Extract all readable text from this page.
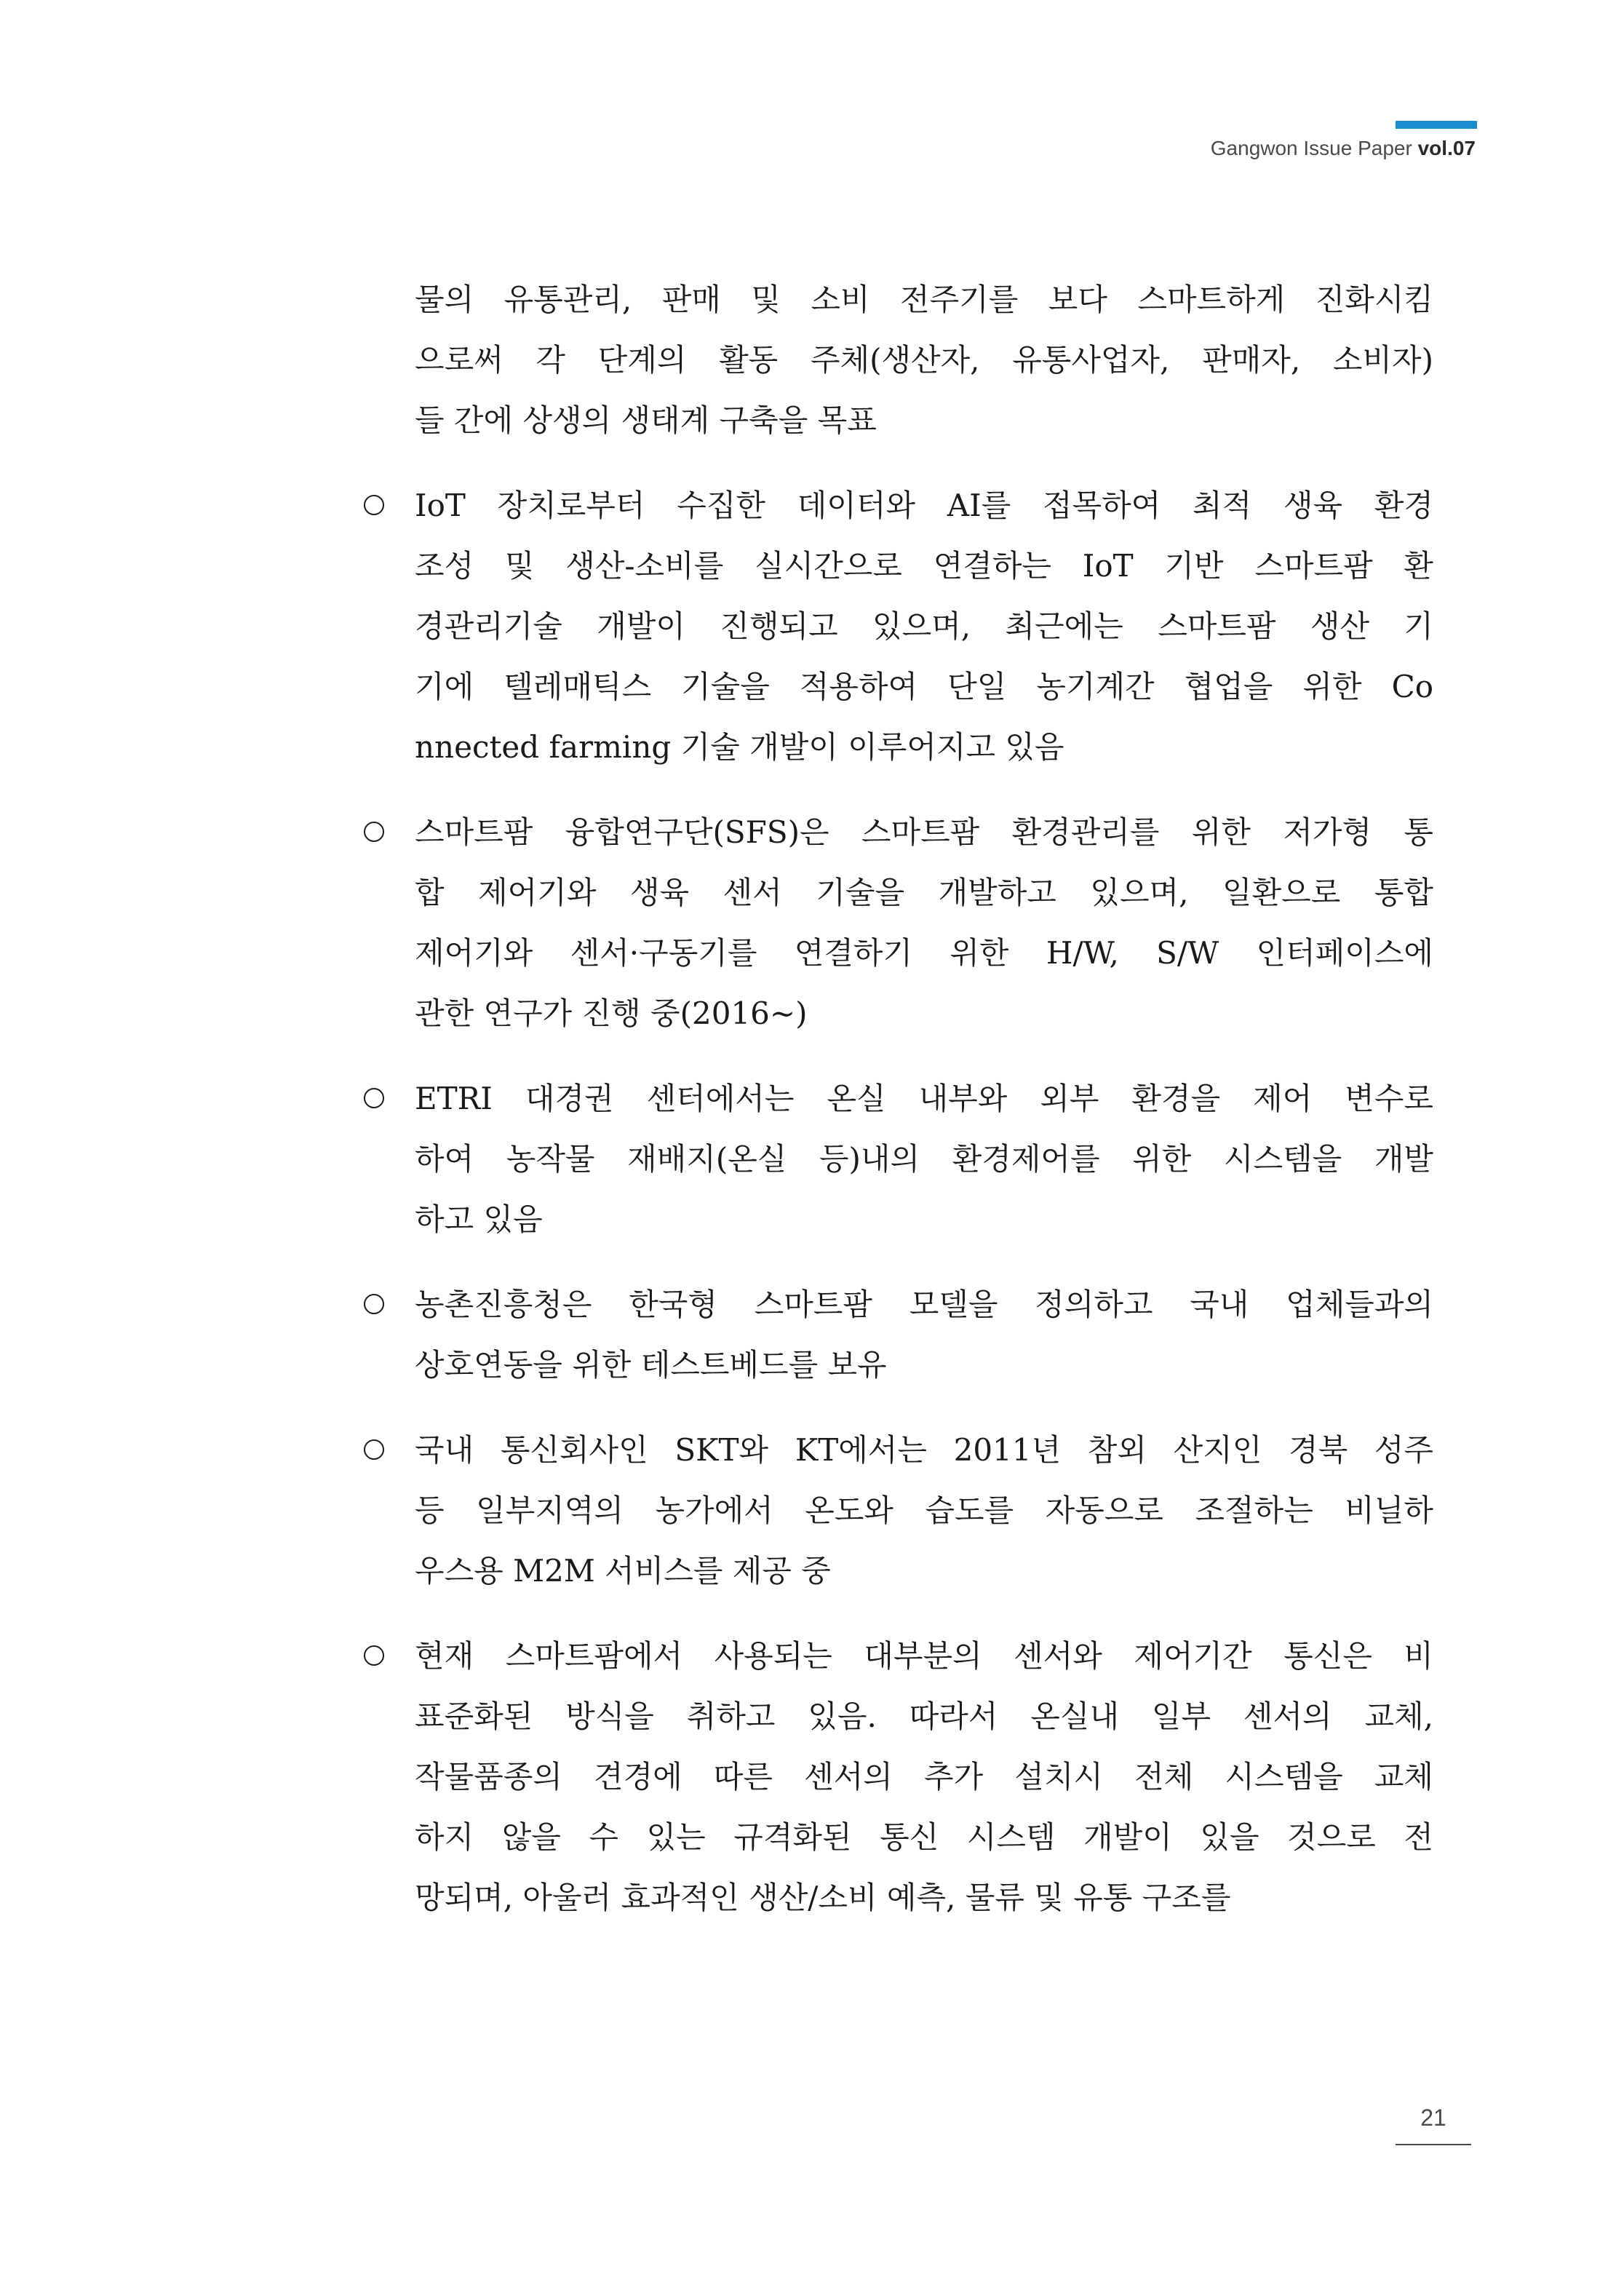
Gangwon Issue Paper vol.07
물의 유통관리, 판매 및 소비 전주기를 보다 스마트하게 진화시킴
으로써 각 단계의 활동 주체(생산자, 유통사업자, 판매자, 소비자)
들 간에 상생의 생태계 구축을 목표
IoT 장치로부터 수집한 데이터와 AI를 접목하여 최적 생육 환경
조성 및 생산-소비를 실시간으로 연결하는 IoT 기반 스마트팜 환
경관리기술 개발이 진행되고 있으며, 최근에는 스마트팜 생산 기
기에 텔레매틱스 기술을 적용하여 단일 농기계간 협업을 위한 Co
nnected farming 기술 개발이 이루어지고 있음
스마트팜 융합연구단(SFS)은 스마트팜 환경관리를 위한 저가형 통
합 제어기와 생육 센서 기술을 개발하고 있으며, 일환으로 통합
제어기와 센서·구동기를 연결하기 위한 H/W, S/W 인터페이스에
관한 연구가 진행 중(2016~)
ETRI 대경권 센터에서는 온실 내부와 외부 환경을 제어 변수로
하여 농작물 재배지(온실 등)내의 환경제어를 위한 시스템을 개발
하고 있음
농촌진흥청은 한국형 스마트팜 모델을 정의하고 국내 업체들과의
상호연동을 위한 테스트베드를 보유
국내 통신회사인 SKT와 KT에서는 2011년 참외 산지인 경북 성주
등 일부지역의 농가에서 온도와 습도를 자동으로 조절하는 비닐하
우스용 M2M 서비스를 제공 중
현재 스마트팜에서 사용되는 대부분의 센서와 제어기간 통신은 비
표준화된 방식을 취하고 있음. 따라서 온실내 일부 센서의 교체,
작물품종의 견경에 따른 센서의 추가 설치시 전체 시스템을 교체
하지 않을 수 있는 규격화된 통신 시스템 개발이 있을 것으로 전
망되며, 아울러 효과적인 생산/소비 예측, 물류 및 유통 구조를
21
